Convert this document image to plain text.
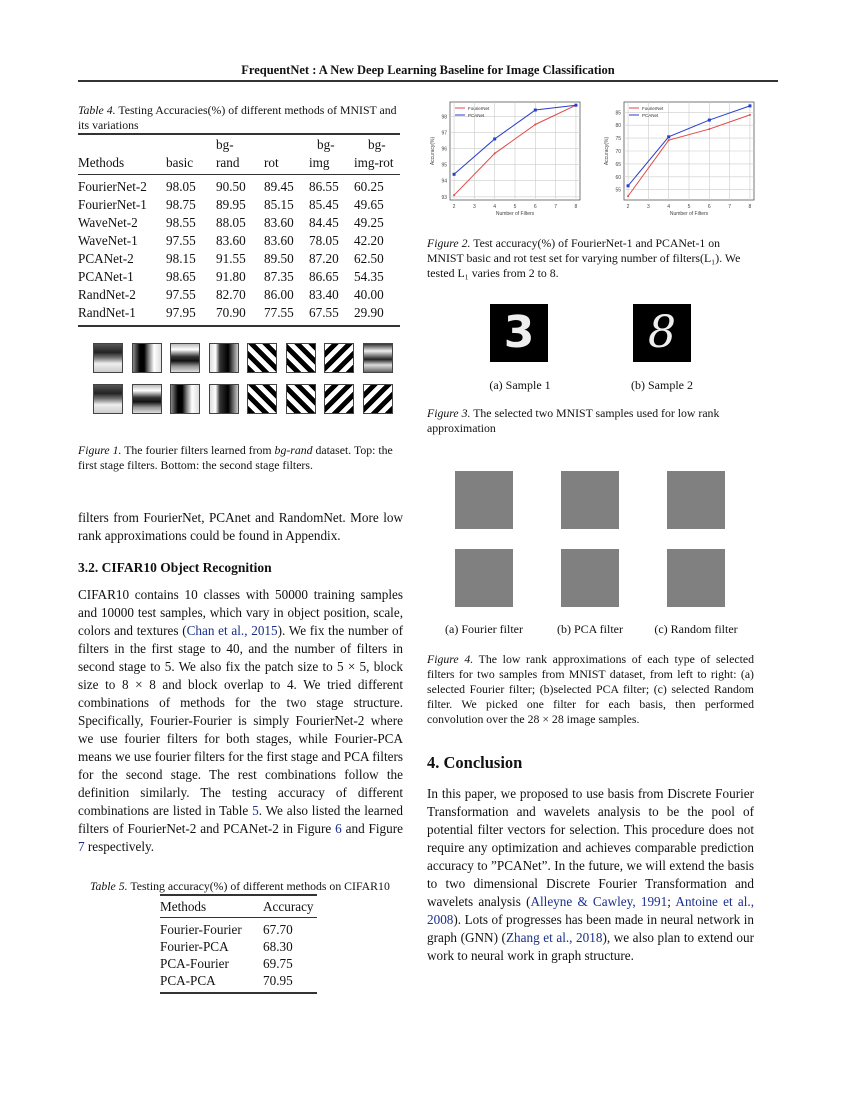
FrequentNet : A New Deep Learning Baseline for Image Classification
Table 4. Testing Accuracies(%) of different methods of MNIST and its variations
		bg-		bg-	bg-
Methods	basic	rand	rot	img	img-rot

FourierNet-2	98.05	90.50	89.45	86.55	60.25
FourierNet-1	98.75	89.95	85.15	85.45	49.65
WaveNet-2	98.55	88.05	83.60	84.45	49.25
WaveNet-1	97.55	83.60	83.60	78.05	42.20
PCANet-2	98.15	91.55	89.50	87.20	62.50
PCANet-1	98.65	91.80	87.35	86.65	54.35
RandNet-2	97.55	82.70	86.00	83.40	40.00
RandNet-1	97.95	70.90	77.55	67.55	29.90

Figure 1. The fourier filters learned from bg-rand dataset. Top: the first stage filters. Bottom: the second stage filters.

filters from FourierNet, PCAnet and RandomNet. More low rank approximations could be found in Appendix.

3.2. CIFAR10 Object Recognition

CIFAR10 contains 10 classes with 50000 training samples and 10000 test samples, which vary in object position, scale, colors and textures (Chan et al., 2015). We fix the number of filters in the first stage to 40, and the number of filters in second stage to 5. We also fix the patch size to 5 × 5, block size to 8 × 8 and block overlap to 4. We tried different combinations of methods for the two stage structure. Specifically, Fourier-Fourier is simply FourierNet-2 where we use fourier filters for both stages, while Fourier-PCA means we use fourier filters for the first stage and PCA filters for the second stage. The rest combinations follow the definition similarly. The testing accuracy of different combinations are listed in Table 5. We also listed the learned filters of FourierNet-2 and PCANet-2 in Figure 6 and Figure 7 respectively.

Table 5. Testing accuracy(%) of different methods on CIFAR10
Methods	Accuracy

Fourier-Fourier	67.70
Fourier-PCA	68.30
PCA-Fourier	69.75
PCA-PCA	70.95

2	3	4	5	6	7	8
93
94
95
96
97
98
Number of Filters
Accuracy(%)
FourierNet
PCANet
2	3	4	5	6	7	8
55
60
65
70
75
80
85
Number of Filters
Accuracy(%)
FourierNet
PCANet
Figure 2. Test accuracy(%) of FourierNet-1 and PCANet-1 on MNIST basic and rot test set for varying number of filters(L₁). We tested L₁ varies from 2 to 8.
3	8
(a) Sample 1	(b) Sample 2
Figure 3. The selected two MNIST samples used for low rank approximation
(a) Fourier filter	(b) PCA filter	(c) Random filter
Figure 4. The low rank approximations of each type of selected filters for two samples from MNIST dataset, from left to right: (a) selected Fourier filter; (b)selected PCA filter; (c) selected Random filter. We picked one filter for each basis, then performed convolution over the 28 × 28 image samples.
4. Conclusion

In this paper, we proposed to use basis from Discrete Fourier Transformation and wavelets analysis to be the pool of potential filter vectors for selection. This procedure does not require any optimization and achieves comparable prediction accuracy to ”PCANet”. In the future, we will extend the basis to two dimensional Discrete Fourier Transformation and wavelets analysis (Alleyne & Cawley, 1991; Antoine et al., 2008). Lots of progresses has been made in neural network in graph (GNN) (Zhang et al., 2018), we also plan to extend our work to neural work in graph structure.
